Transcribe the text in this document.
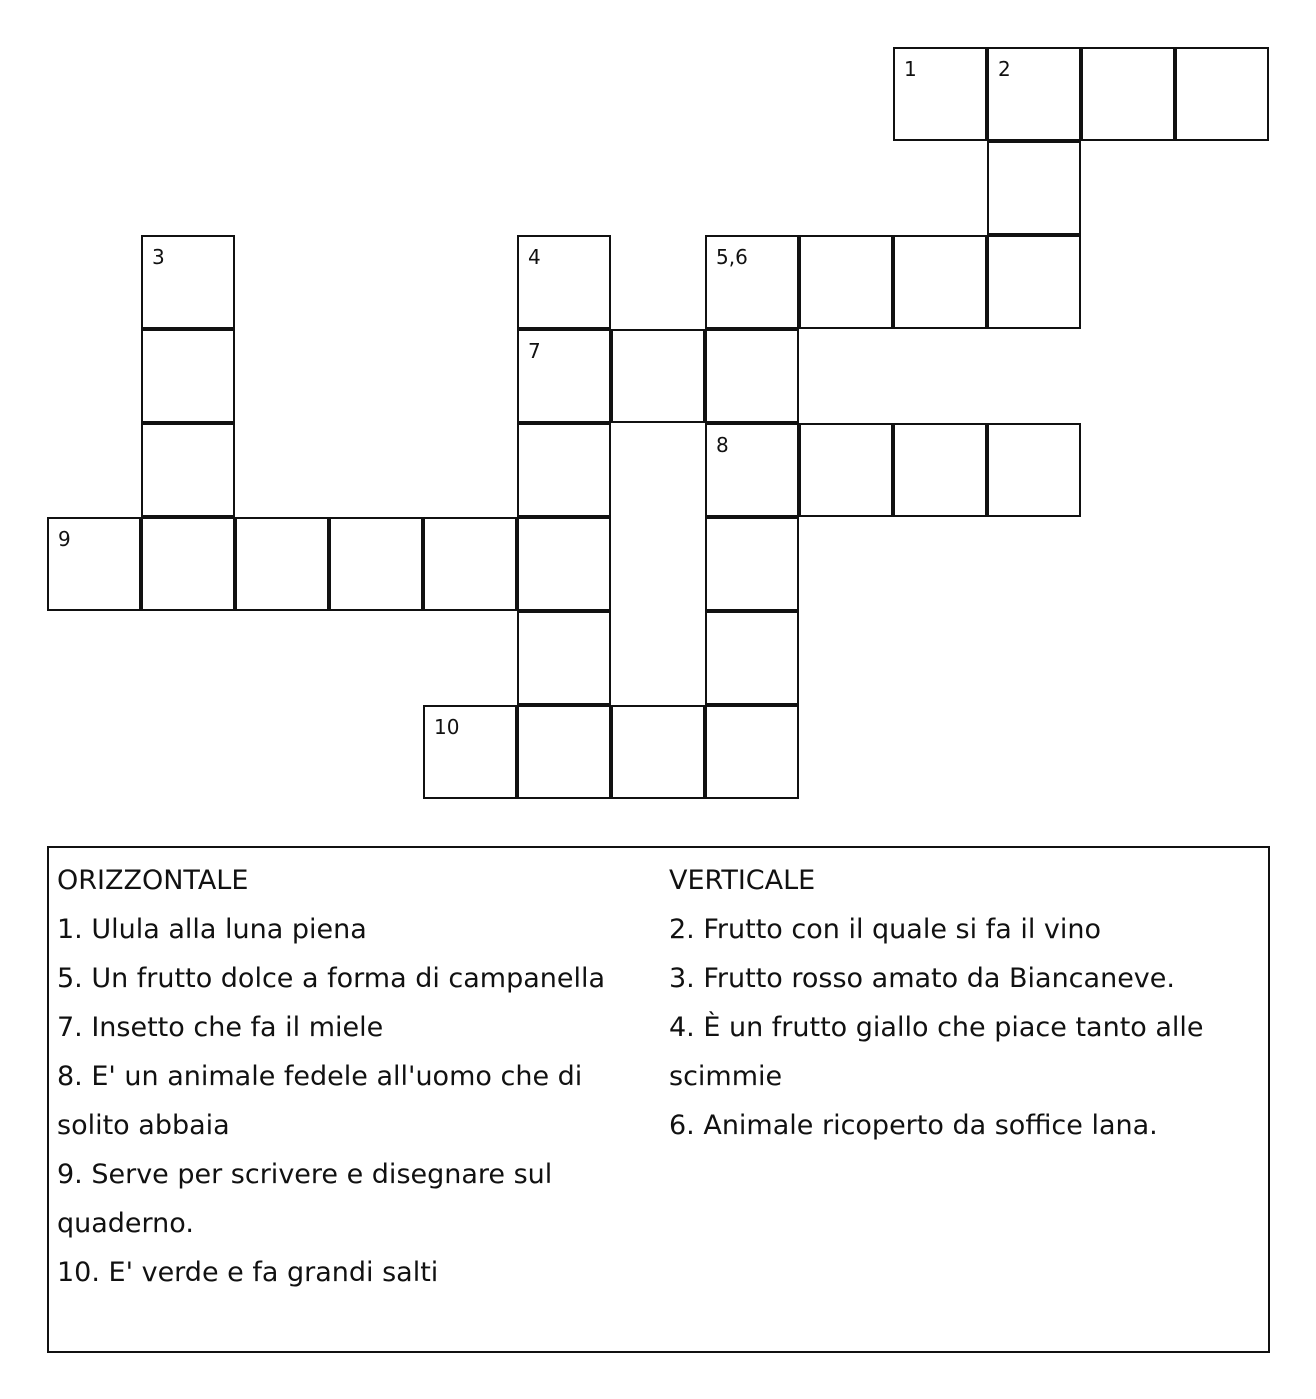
1	2
3	4	5,6
7
8
9
10
ORIZZONTALE
1. Ulula alla luna piena
5. Un frutto dolce a forma di campanella
7. Insetto che fa il miele
8. E' un animale fedele all'uomo che di solito abbaia
9. Serve per scrivere e disegnare sul quaderno.
10. E' verde e fa grandi salti
VERTICALE
2. Frutto con il quale si fa il vino
3. Frutto rosso amato da Biancaneve.
4. È un frutto giallo che piace tanto alle scimmie
6. Animale ricoperto da soffice lana.
